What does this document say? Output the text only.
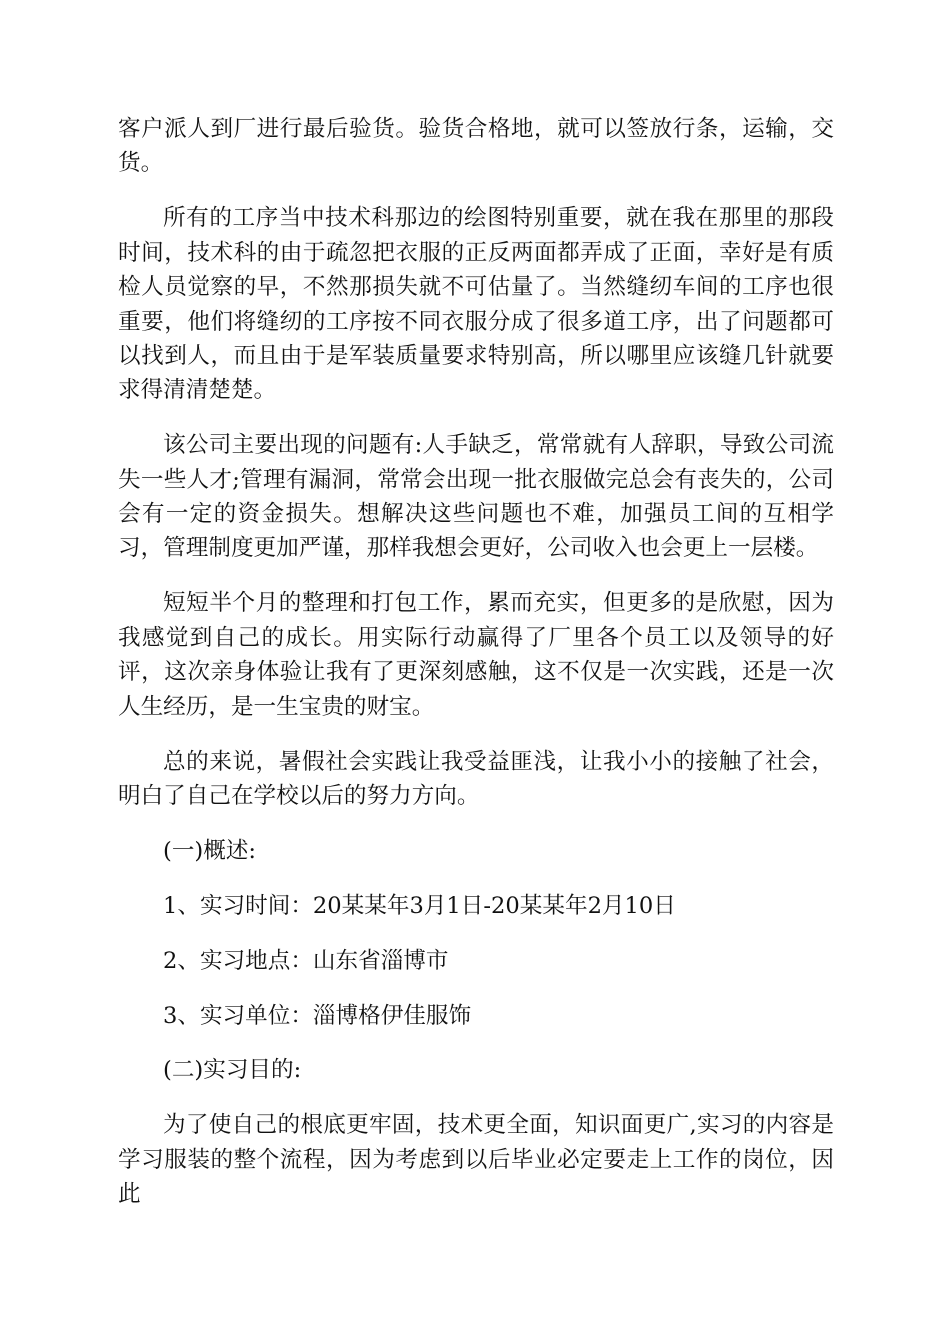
客户派人到厂进行最后验货。验货合格地，就可以签放行条，运输，交货。

所有的工序当中技术科那边的绘图特别重要，就在我在那里的那段时间，技术科的由于疏忽把衣服的正反两面都弄成了正面，幸好是有质检人员觉察的早，不然那损失就不可估量了。当然缝纫车间的工序也很重要，他们将缝纫的工序按不同衣服分成了很多道工序，出了问题都可以找到人，而且由于是军装质量要求特别高，所以哪里应该缝几针就要求得清清楚楚。

该公司主要出现的问题有:人手缺乏，常常就有人辞职，导致公司流失一些人才;管理有漏洞，常常会出现一批衣服做完总会有丧失的，公司会有一定的资金损失。想解决这些问题也不难，加强员工间的互相学习，管理制度更加严谨，那样我想会更好，公司收入也会更上一层楼。

短短半个月的整理和打包工作，累而充实，但更多的是欣慰，因为我感觉到自己的成长。用实际行动赢得了厂里各个员工以及领导的好评，这次亲身体验让我有了更深刻感触，这不仅是一次实践，还是一次人生经历，是一生宝贵的财宝。

总的来说，暑假社会实践让我受益匪浅，让我小小的接触了社会，明白了自己在学校以后的努力方向。

(一)概述:

1、实习时间：20某某年3月1日-20某某年2月10日

2、实习地点：山东省淄博市

3、实习单位：淄博格伊佳服饰

(二)实习目的:

为了使自己的根底更牢固，技术更全面，知识面更广,实习的内容是学习服装的整个流程，因为考虑到以后毕业必定要走上工作的岗位，因此
